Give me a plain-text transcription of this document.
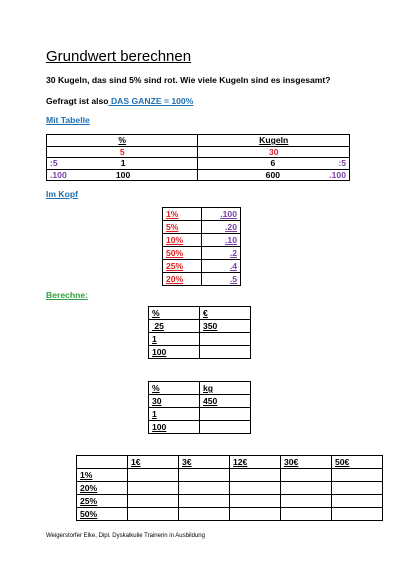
Grundwert berechnen
30 Kugeln, das sind 5% sind rot. Wie viele Kugeln sind es insgesamt?
Gefragt ist also DAS GANZE = 100%
Mit Tabelle
%			Kugeln		
5			30		
:5	1			6	:5
.100	100			600	.100
Im Kopf
1%	.100
5%	.20
10%	.10
50%	.2
25%	.4
20%	.5
Berechne:
%	€
25	350
1	
100	
%	kg
30	450
1	
100	
	1€	3€	12€	30€	50€
1%					
20%					
25%					
50%					
Weigerstorfer Elke, Dipl. Dyskalkulie Trainerin in Ausbildung
